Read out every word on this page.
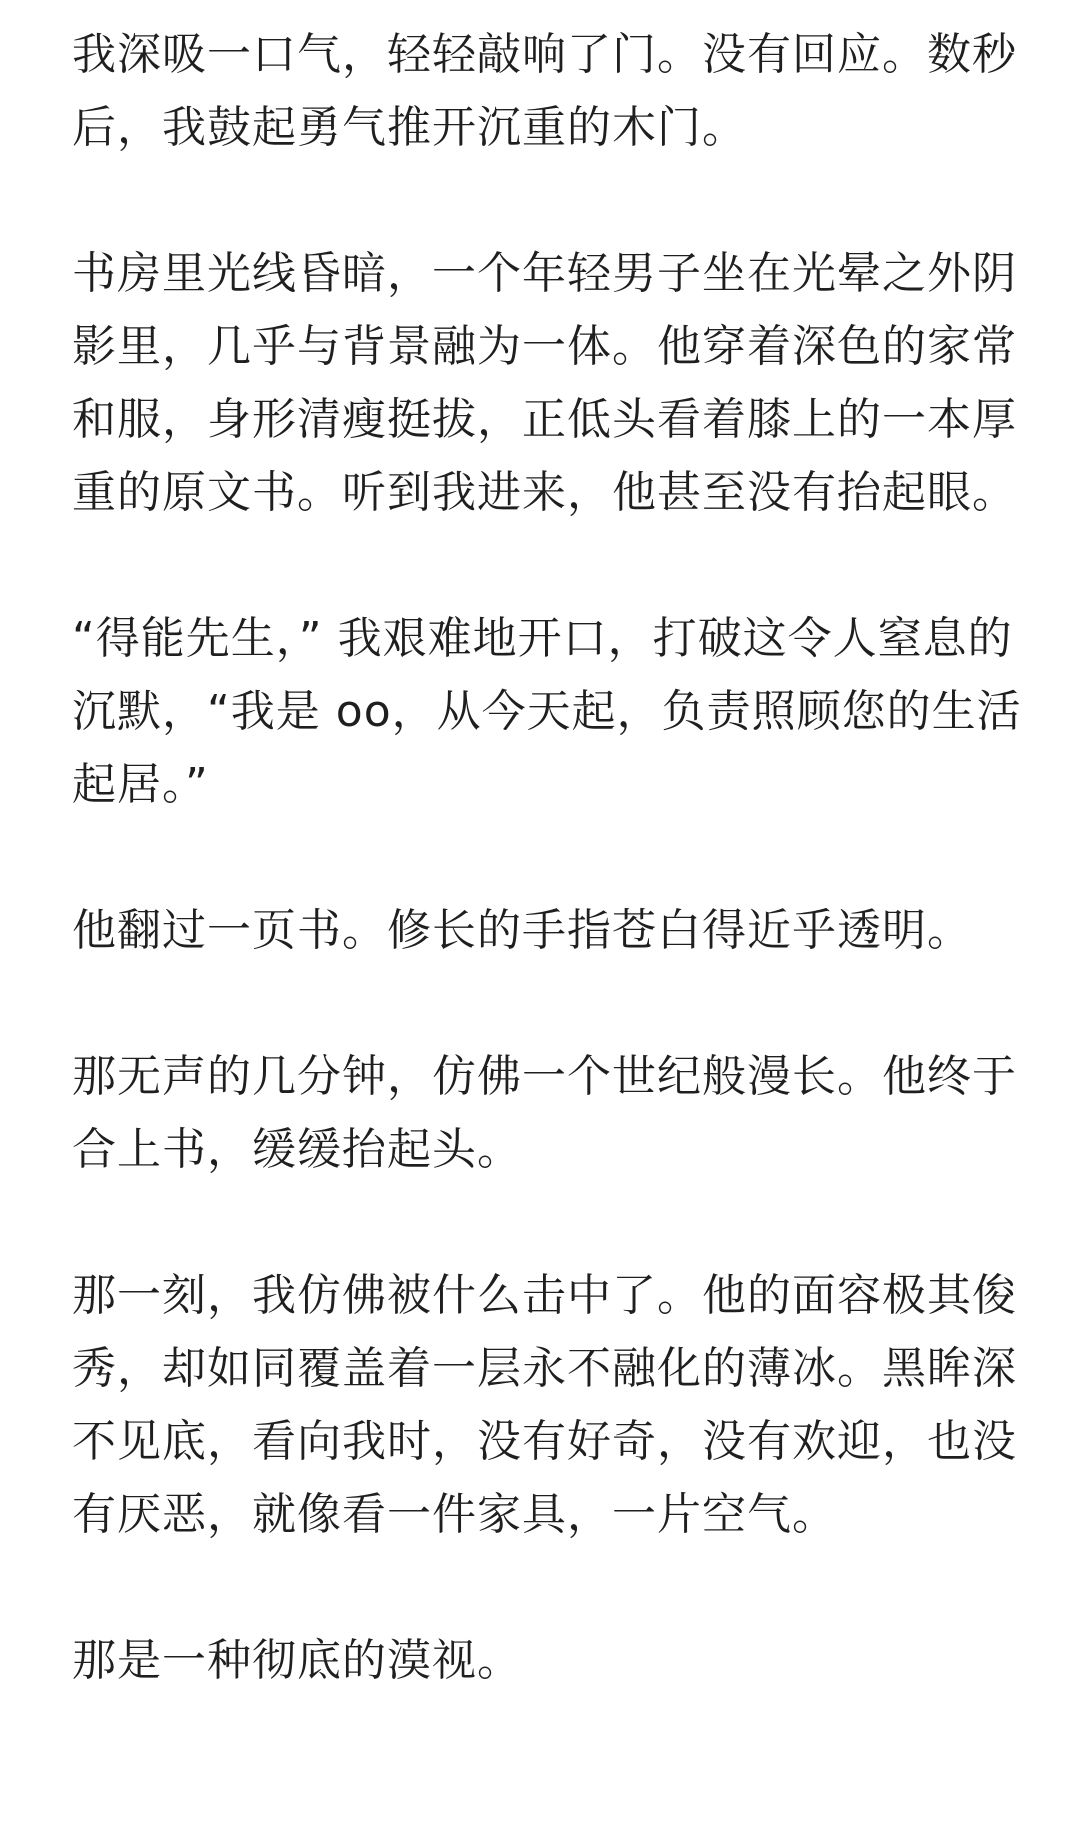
我深吸一口气，轻轻敲响了门。没有回应。数秒后，我鼓起勇气推开沉重的木门。

书房里光线昏暗，一个年轻男子坐在光晕之外阴影里，几乎与背景融为一体。他穿着深色的家常和服，身形清瘦挺拔，正低头看着膝上的一本厚重的原文书。听到我进来，他甚至没有抬起眼。

“得能先生，” 我艰难地开口，打破这令人窒息的沉默，“我是 oo，从今天起，负责照顾您的生活起居。”

他翻过一页书。修长的手指苍白得近乎透明。

那无声的几分钟，仿佛一个世纪般漫长。他终于合上书，缓缓抬起头。

那一刻，我仿佛被什么击中了。他的面容极其俊秀，却如同覆盖着一层永不融化的薄冰。黑眸深不见底，看向我时，没有好奇，没有欢迎，也没有厌恶，就像看一件家具，一片空气。

那是一种彻底的漠视。
